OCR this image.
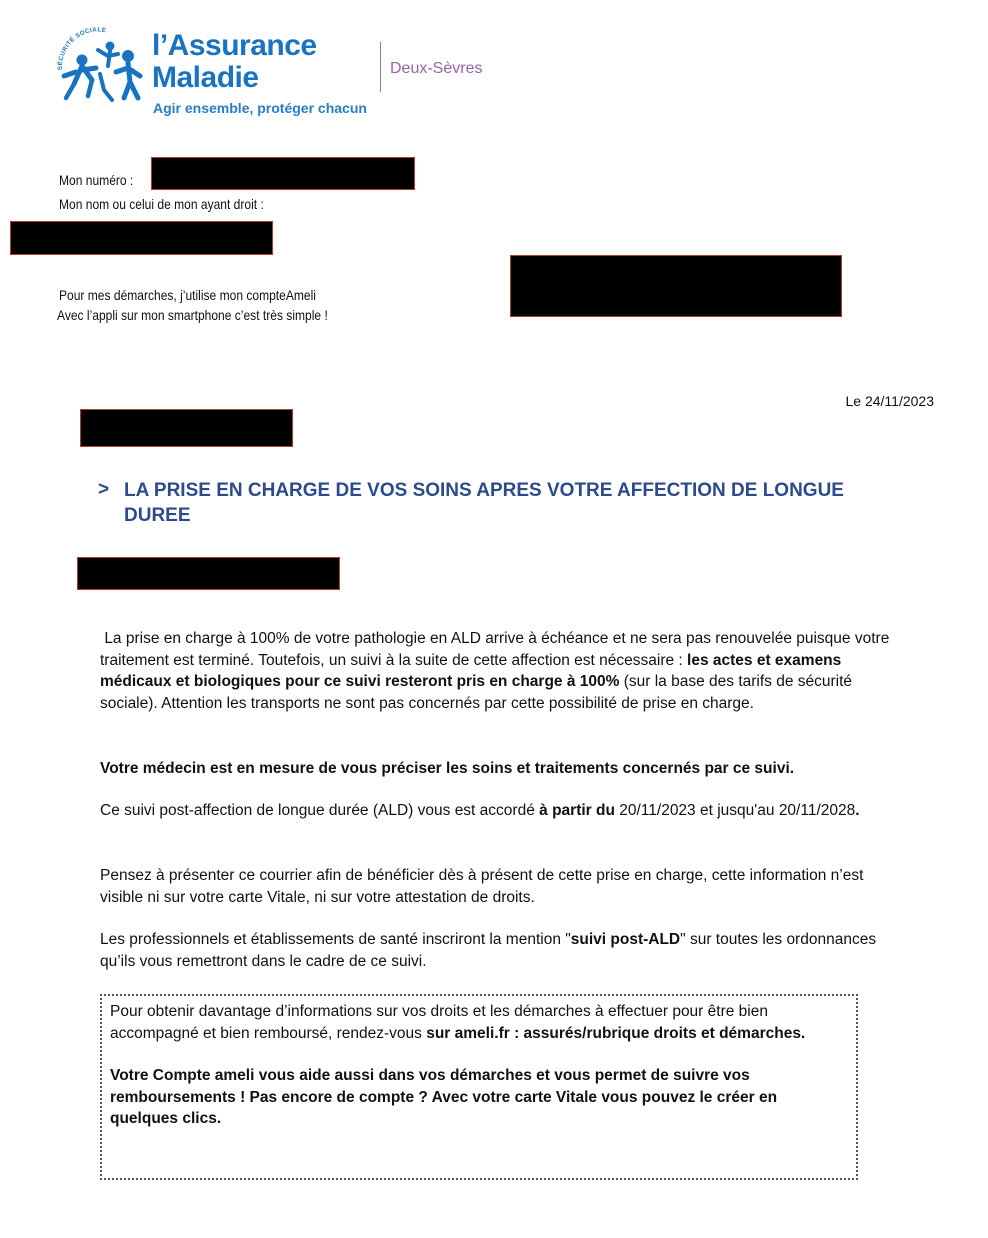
SÉCURITÉ SOCIALE l’Assurance
Maladie
Agir ensemble, protéger chacun
Deux-Sèvres
Mon numéro :
Mon nom ou celui de mon ayant droit :
Pour mes démarches, j’utilise mon compteAmeli
Avec l’appli sur mon smartphone c’est très simple !
Le 24/11/2023
> LA PRISE EN CHARGE DE VOS SOINS APRES VOTRE AFFECTION DE LONGUE DUREE

La prise en charge à 100% de votre pathologie en ALD arrive à échéance et ne sera pas renouvelée puisque votre traitement est terminé. Toutefois, un suivi à la suite de cette affection est nécessaire : les actes et examens médicaux et biologiques pour ce suivi resteront pris en charge à 100% (sur la base des tarifs de sécurité sociale). Attention les transports ne sont pas concernés par cette possibilité de prise en charge.

Votre médecin est en mesure de vous préciser les soins et traitements concernés par ce suivi.

Ce suivi post-affection de longue durée (ALD) vous est accordé à partir du 20/11/2023 et jusqu'au 20/11/2028.

Pensez à présenter ce courrier afin de bénéficier dès à présent de cette prise en charge, cette information n’est visible ni sur votre carte Vitale, ni sur votre attestation de droits.

Les professionnels et établissements de santé inscriront la mention "suivi post-ALD" sur toutes les ordonnances qu’ils vous remettront dans le cadre de ce suivi.

Pour obtenir davantage d’informations sur vos droits et les démarches à effectuer pour être bien accompagné et bien remboursé, rendez-vous sur ameli.fr : assurés/rubrique droits et démarches.

Votre Compte ameli vous aide aussi dans vos démarches et vous permet de suivre vos remboursements ! Pas encore de compte ? Avec votre carte Vitale vous pouvez le créer en quelques clics.
